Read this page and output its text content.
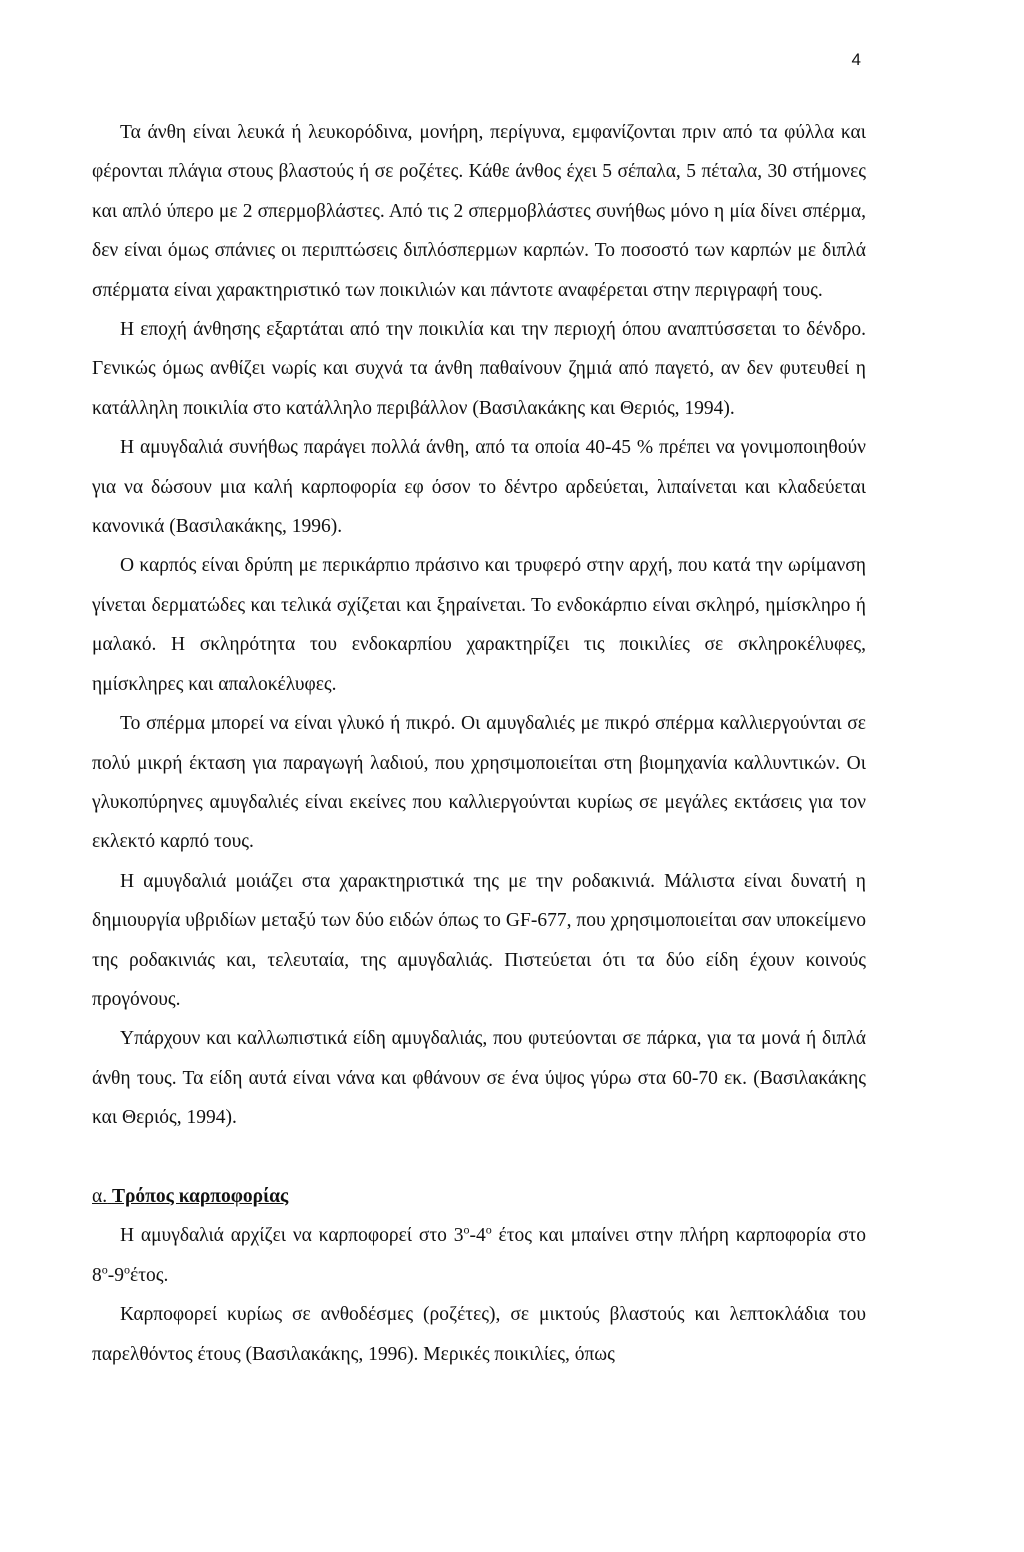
4

Τα άνθη είναι λευκά ή λευκορόδινα, μονήρη, περίγυνα, εμφανίζονται πριν από τα φύλλα και φέρονται πλάγια στους βλαστούς ή σε ροζέτες. Κάθε άνθος έχει 5 σέπαλα, 5 πέταλα, 30 στήμονες και απλό ύπερο με 2 σπερμοβλάστες. Από τις 2 σπερμοβλάστες συνήθως μόνο η μία δίνει σπέρμα, δεν είναι όμως σπάνιες οι περιπτώσεις διπλόσπερμων καρπών. Το ποσοστό των καρπών με διπλά σπέρματα είναι χαρακτηριστικό των ποικιλιών και πάντοτε αναφέρεται στην περιγραφή τους.

Η εποχή άνθησης εξαρτάται από την ποικιλία και την περιοχή όπου αναπτύσσεται το δένδρο. Γενικώς όμως ανθίζει νωρίς και συχνά τα άνθη παθαίνουν ζημιά από παγετό, αν δεν φυτευθεί η κατάλληλη ποικιλία στο κατάλληλο περιβάλλον (Βασιλακάκης και Θεριός, 1994).

Η αμυγδαλιά συνήθως παράγει πολλά άνθη, από τα οποία 40-45 % πρέπει να γονιμοποιηθούν για να δώσουν μια καλή καρποφορία εφ όσον το δέντρο αρδεύεται, λιπαίνεται και κλαδεύεται κανονικά (Βασιλακάκης, 1996).

Ο καρπός είναι δρύπη με περικάρπιο πράσινο και τρυφερό στην αρχή, που κατά την ωρίμανση γίνεται δερματώδες και τελικά σχίζεται και ξηραίνεται. Το ενδοκάρπιο είναι σκληρό, ημίσκληρο ή μαλακό. Η σκληρότητα του ενδοκαρπίου χαρακτηρίζει τις ποικιλίες σε σκληροκέλυφες, ημίσκληρες και απαλοκέλυφες.

Το σπέρμα μπορεί να είναι γλυκό ή πικρό. Οι αμυγδαλιές με πικρό σπέρμα καλλιεργούνται σε πολύ μικρή έκταση για παραγωγή λαδιού, που χρησιμοποιείται στη βιομηχανία καλλυντικών. Οι γλυκοπύρηνες αμυγδαλιές είναι εκείνες που καλλιεργούνται κυρίως σε μεγάλες εκτάσεις για τον εκλεκτό καρπό τους.

Η αμυγδαλιά μοιάζει στα χαρακτηριστικά της με την ροδακινιά. Μάλιστα είναι δυνατή η δημιουργία υβριδίων μεταξύ των δύο ειδών όπως το GF-677, που χρησιμοποιείται σαν υποκείμενο της ροδακινιάς και, τελευταία, της αμυγδαλιάς. Πιστεύεται ότι τα δύο είδη έχουν κοινούς προγόνους.

Υπάρχουν και καλλωπιστικά είδη αμυγδαλιάς, που φυτεύονται σε πάρκα, για τα μονά ή διπλά άνθη τους. Τα είδη αυτά είναι νάνα και φθάνουν σε ένα ύψος γύρω στα 60-70 εκ. (Βασιλακάκης και Θεριός, 1994).

α. Τρόπος καρποφορίας

Η αμυγδαλιά αρχίζει να καρποφορεί στο $3^o-4^o$ έτος και μπαίνει στην πλήρη καρποφορία στο $8^o-9^oέ\tau o\varsigma$.

Καρποφορεί κυρίως σε ανθοδέσμες (ροζέτες), σε μικτούς βλαστούς και λεπτοκλάδια του παρελθόντος έτους (Βασιλακάκης, 1996). Μερικές ποικιλίες, όπως
